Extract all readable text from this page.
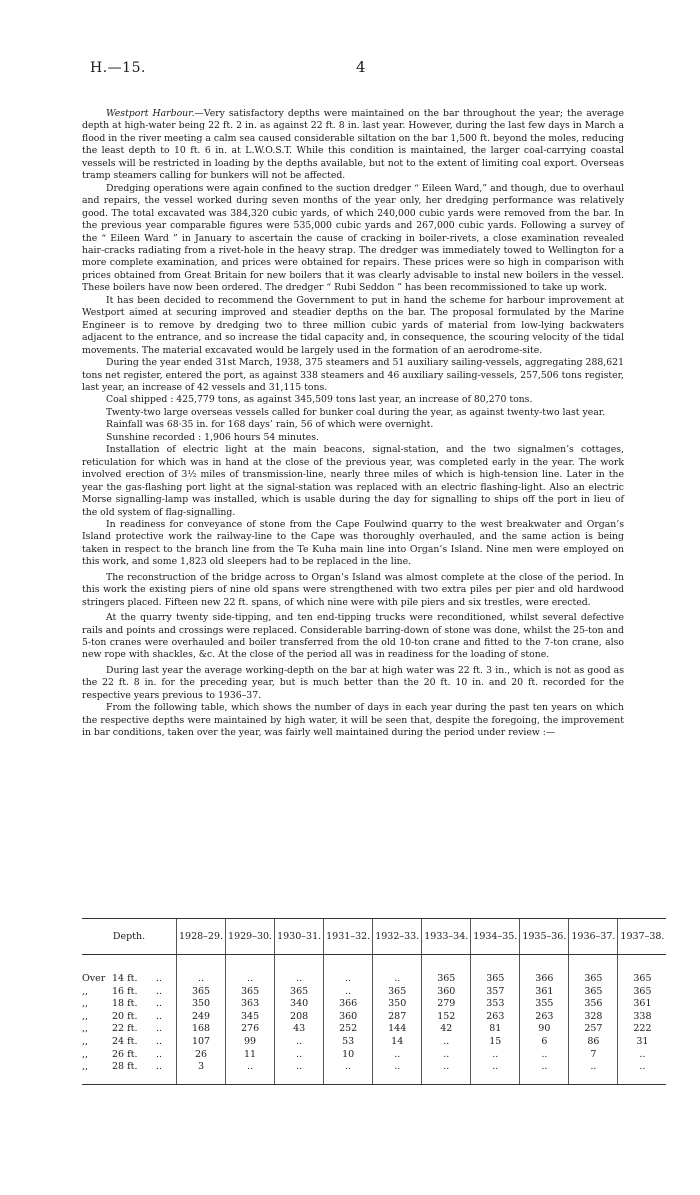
H.—15.	4

Westport Harbour.—Very satisfactory depths were maintained on the bar throughout the year; the average depth at high-water being 22 ft. 2 in. as against 22 ft. 8 in. last year. However, during the last few days in March a flood in the river meeting a calm sea caused considerable siltation on the bar 1,500 ft. beyond the moles, reducing the least depth to 10 ft. 6 in. at L.W.O.S.T. While this condition is maintained, the larger coal-carrying coastal vessels will be restricted in loading by the depths available, but not to the extent of limiting coal export. Overseas tramp steamers calling for bunkers will not be affected.

Dredging operations were again confined to the suction dredger “ Eileen Ward,” and though, due to overhaul and repairs, the vessel worked during seven months of the year only, her dredging performance was relatively good. The total excavated was 384,320 cubic yards, of which 240,000 cubic yards were removed from the bar. In the previous year comparable figures were 535,000 cubic yards and 267,000 cubic yards. Following a survey of the “ Eileen Ward ” in January to ascertain the cause of cracking in boiler-rivets, a close examination revealed hair-cracks radiating from a rivet-hole in the heavy strap. The dredger was immediately towed to Wellington for a more complete examination, and prices were obtained for repairs. These prices were so high in comparison with prices obtained from Great Britain for new boilers that it was clearly advisable to instal new boilers in the vessel. These boilers have now been ordered. The dredger “ Rubi Seddon ” has been recommissioned to take up work.

It has been decided to recommend the Government to put in hand the scheme for harbour improvement at Westport aimed at securing improved and steadier depths on the bar. The proposal formulated by the Marine Engineer is to remove by dredging two to three million cubic yards of material from low-lying backwaters adjacent to the entrance, and so increase the tidal capacity and, in consequence, the scouring velocity of the tidal movements. The material excavated would be largely used in the formation of an aerodrome-site.

During the year ended 31st March, 1938, 375 steamers and 51 auxiliary sailing-vessels, aggregating 288,621 tons net register, entered the port, as against 338 steamers and 46 auxiliary sailing-vessels, 257,506 tons register, last year, an increase of 42 vessels and 31,115 tons.

Coal shipped : 425,779 tons, as against 345,509 tons last year, an increase of 80,270 tons.

Twenty-two large overseas vessels called for bunker coal during the year, as against twenty-two last year.

Rainfall was 68·35 in. for 168 days’ rain, 56 of which were overnight.

Sunshine recorded : 1,906 hours 54 minutes.

Installation of electric light at the main beacons, signal-station, and the two signalmen’s cottages, reticulation for which was in hand at the close of the previous year, was completed early in the year. The work involved erection of 3½ miles of transmission-line, nearly three miles of which is high-tension line. Later in the year the gas-flashing port light at the signal-station was replaced with an electric flashing-light. Also an electric Morse signalling-lamp was installed, which is usable during the day for signalling to ships off the port in lieu of the old system of flag-signalling.

In readiness for conveyance of stone from the Cape Foulwind quarry to the west breakwater and Organ’s Island protective work the railway-line to the Cape was thoroughly overhauled, and the same action is being taken in respect to the branch line from the Te Kuha main line into Organ’s Island. Nine men were employed on this work, and some 1,823 old sleepers had to be replaced in the line.

The reconstruction of the bridge across to Organ’s Island was almost complete at the close of the period. In this work the existing piers of nine old spans were strengthened with two extra piles per pier and old hardwood stringers placed. Fifteen new 22 ft. spans, of which nine were with pile piers and six trestles, were erected.

At the quarry twenty side-tipping, and ten end-tipping trucks were reconditioned, whilst several defective rails and points and crossings were replaced. Considerable barring-down of stone was done, whilst the 25-ton and 5-ton cranes were overhauled and boiler transferred from the old 10-ton crane and fitted to the 7-ton crane, also new rope with shackles, &c. At the close of the period all was in readiness for the loading of stone.

During last year the average working-depth on the bar at high water was 22 ft. 3 in., which is not as good as the 22 ft. 8 in. for the preceding year, but is much better than the 20 ft. 10 in. and 20 ft. recorded for the respective years previous to 1936–37.

From the following table, which shows the number of days in each year during the past ten years on which the respective depths were maintained by high water, it will be seen that, despite the foregoing, the improvement in bar conditions, taken over the year, was fairly well maintained during the period under review :—

Depth.	1928–29.	1929–30.	1930–31.	1931–32.	1932–33.	1933–34.	1934–35.	1935–36.	1936–37.	1937–38.
Over 14 ft. ..	..	..	..	..	..	365	365	366	365	365
,, 16 ft. ..	365	365	365	..	365	360	357	361	365	365
,, 18 ft. ..	350	363	340	366	350	279	353	355	356	361
,, 20 ft. ..	249	345	208	360	287	152	263	263	328	338
,, 22 ft. ..	168	276	43	252	144	42	81	90	257	222
,, 24 ft. ..	107	99	..	53	14	..	15	6	86	31
,, 26 ft. ..	26	11	..	10	..	..	..	..	7	..
,, 28 ft. ..	3	..	..	..	..	..	..	..	..	..
